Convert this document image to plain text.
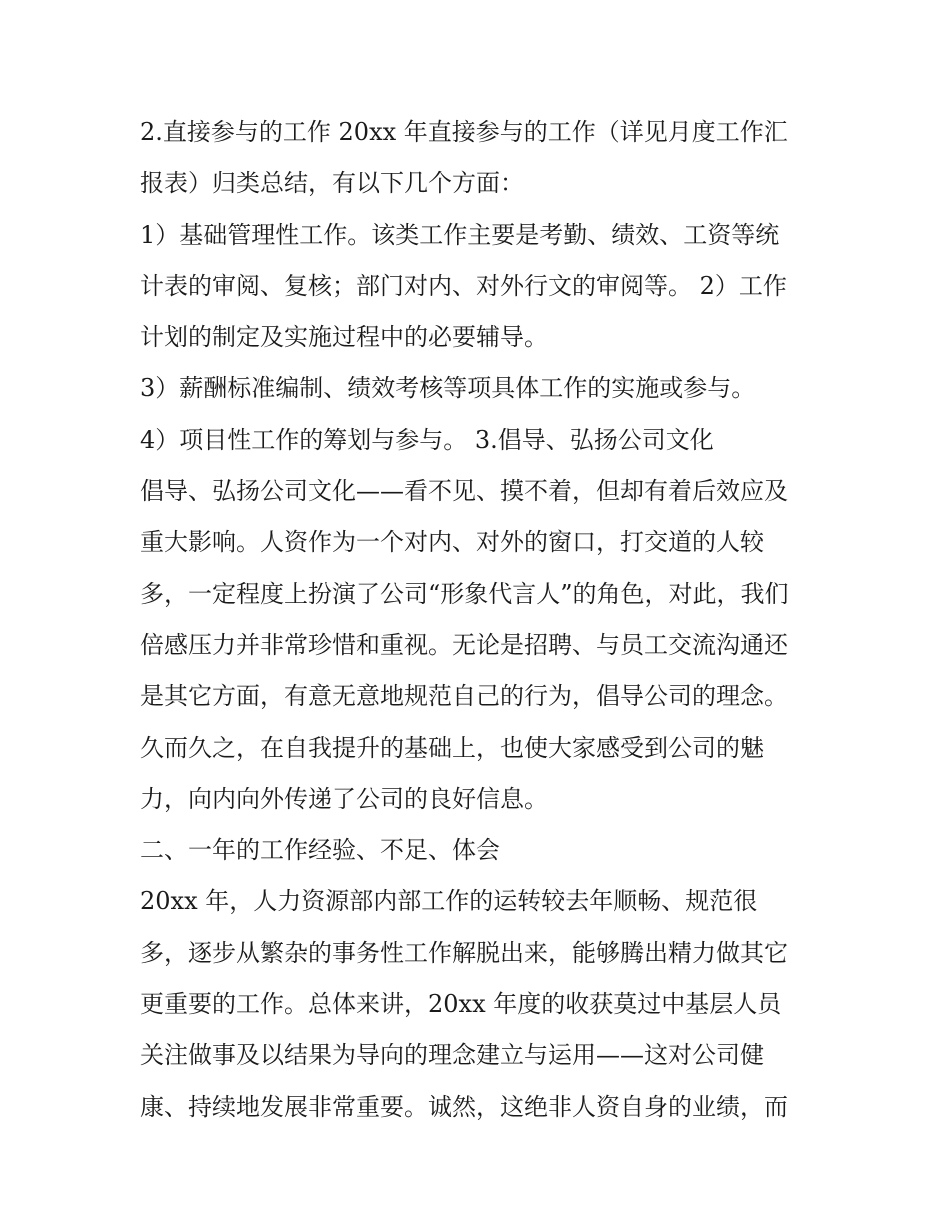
2.直接参与的工作 20xx 年直接参与的工作（详见月度工作汇
报表）归类总结，有以下几个方面：
1）基础管理性工作。该类工作主要是考勤、绩效、工资等统
计表的审阅、复核；部门对内、对外行文的审阅等。 2）工作
计划的制定及实施过程中的必要辅导。
3）薪酬标准编制、绩效考核等项具体工作的实施或参与。
4）项目性工作的筹划与参与。 3.倡导、弘扬公司文化
倡导、弘扬公司文化——看不见、摸不着，但却有着后效应及
重大影响。人资作为一个对内、对外的窗口，打交道的人较
多，一定程度上扮演了公司“形象代言人”的角色，对此，我们
倍感压力并非常珍惜和重视。无论是招聘、与员工交流沟通还
是其它方面，有意无意地规范自己的行为，倡导公司的理念。
久而久之，在自我提升的基础上，也使大家感受到公司的魅
力，向内向外传递了公司的良好信息。
二、一年的工作经验、不足、体会
20xx 年，人力资源部内部工作的运转较去年顺畅、规范很
多，逐步从繁杂的事务性工作解脱出来，能够腾出精力做其它
更重要的工作。总体来讲，20xx 年度的收获莫过中基层人员
关注做事及以结果为导向的理念建立与运用——这对公司健
康、持续地发展非常重要。诚然，这绝非人资自身的业绩，而
